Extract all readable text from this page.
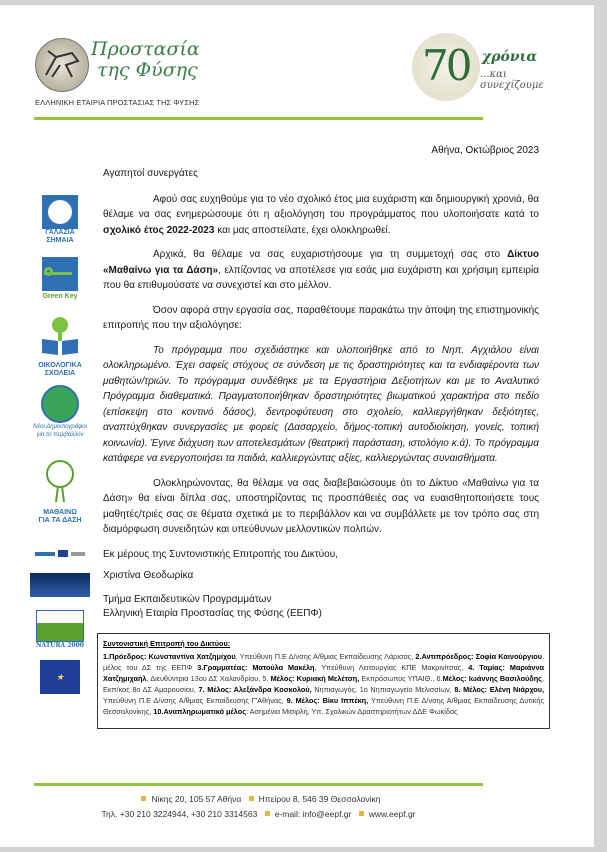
Προστασία
της Φύσης
ΕΛΛΗΝΙΚΗ ΕΤΑΙΡΙΑ ΠΡΟΣΤΑΣΙΑΣ ΤΗΣ ΦΥΣΗΣ
70 χρόνια
...και συνεχίζουμε
ΓΑΛΑΖΙΑ
ΣΗΜΑΙΑ
Green Key
ΟΙΚΟΛΟΓΙΚΑ
ΣΧΟΛΕΙΑ
Νέοι Δημοσιογράφοι
για το περιβάλλον
ΜΑΘΑΙΝΩ
ΓΙΑ ΤΑ ΔΑΣΗ
NATURA 2000
★
Αθήνα, Οκτώβριος 2023

Αγαπητοί συνεργάτες

Αφού σας ευχηθούμε για το νέο σχολικό έτος μια ευχάριστη και δημιουργική χρονιά, θα θέλαμε να σας ενημερώσουμε ότι η αξιολόγηση του προγράμματος που υλοποιήσατε κατά το σχολικό έτος 2022-2023 και μας αποστείλατε, έχει ολοκληρωθεί.

Αρχικά, θα θέλαμε να σας ευχαριστήσουμε για τη συμμετοχή σας στο Δίκτυο «Μαθαίνω για τα Δάση», ελπίζοντας να αποτέλεσε για εσάς μια ευχάριστη και χρήσιμη εμπειρία που θα επιθυμούσατε να συνεχιστεί και στο μέλλον.

Όσον αφορά στην εργασία σας, παραθέτουμε παρακάτω την άποψη της επιστημονικής επιτροπής που την αξιολόγησε:

Το πρόγραμμα που σχεδιάστηκε και υλοποιήθηκε από το Νηπ. Αγχιάλου είναι ολοκληρωμένο. Έχει σαφείς στόχους σε σύνδεση με τις δραστηριότητες και τα ενδιαφέροντα των μαθητών/τριών. Το πρόγραμμα συνδέθηκε με τα Εργαστήρια Δεξιοτήτων και με το Αναλυτικό Πρόγραμμα διαθεματικά. Πραγματοποιήθηκαν δραστηριότητες βιωματικού χαρακτήρα στο πεδίο (επίσκεψη στο κοντινό δάσος), δεντροφύτευση στο σχολείο, καλλιεργήθηκαν δεξιότητες, αναπτύχθηκαν συνεργασίες με φορείς (Δασαρχείο, δήμος-τοπική αυτοδιοίκηση, γονείς, τοπική κοινωνία). Έγινε διάχυση των αποτελεσμάτων (θεατρική παράσταση, ιστολόγιο κ.ά). Το πρόγραμμα κατάφερε να ενεργοποιήσει τα παιδιά, καλλιεργώντας αξίες, καλλιεργώντας συναισθήματα.

Ολοκληρώνοντας, θα θέλαμε να σας διαβεβαιώσουμε ότι το Δίκτυο «Μαθαίνω για τα Δάση» θα είναι δίπλα σας, υποστηρίζοντας τις προσπάθειές σας να ευαισθητοποιήσετε τους μαθητές/τριές σας σε θέματα σχετικά με το περιβάλλον και να συμβάλλετε με τον τρόπο σας στη διαμόρφωση συνειδητών και υπεύθυνων μελλοντικών πολιτών.

Εκ μέρους της Συντονιστικής Επιτροπής του Δικτύου,

Χριστίνα Θεοδωρίκα

Τμήμα Εκπαιδευτικών Προγραμμάτων

Ελληνική Εταιρία Προστασίας της Φύσης (ΕΕΠΦ)

Συντονιστική Επιτροπή του Δικτύου:
1.Πρόεδρος: Κωνσταντίνα Χατζημίχου, Υπεύθυνη Π.Ε Δ/νσης Α/θμιας Εκπαίδευσης Λάρισας, 2.Αντιπρόεδρος: Σοφία Καινούργιου, μέλος του ΔΣ της ΕΕΠΦ 3.Γραμματέας: Ματούλα Μακέλη, Υπεύθυνη Λειτουργίας ΚΠΕ Μακρινίτσας, 4. Ταμίας: Μαριάννα Χατζημιχαήλ, Διευθύντρια 13ου ΔΣ Χαλανδρίου, 5. Μέλος: Κυριακή Μελέτση, Εκπρόσωπος ΥΠΑΙΘ., 6.Μέλος: Ιωάννης Βασιλούδης, Εκπ/κος 8ο ΔΣ Αμαρουσίου, 7. Μέλος: Αλεξάνδρα Κοσκολού, Νηπιαγωγός, 1ο Νηπιαγωγείο Μελισσίων, 8. Μέλος: Ελένη Νιάρχου, Υπεύθυνη Π.Ε Δ/νσης Α/θμιας Εκπαίδευσης Γ'Αθήνας, 9. Μέλος: Βίκυ Ιππέκη, Υπεύθυνη Π.Ε Δ/νσης Α/θμιας Εκπαίδευσης Δυτικής Θεσσαλονίκης, 10.Αναπληρωματικό μέλος: Ασημένια Μισιρλή, Υπ. Σχολικών Δραστηριοτήτων ΔΔΕ Φωκίδας
Νίκης 20, 105 57 Αθήνα Ηπείρου 8, 546 39 Θεσσαλονίκη
Τηλ. +30 210 3224944, +30 210 3314563 e-mail: info@eepf.gr www.eepf.gr
